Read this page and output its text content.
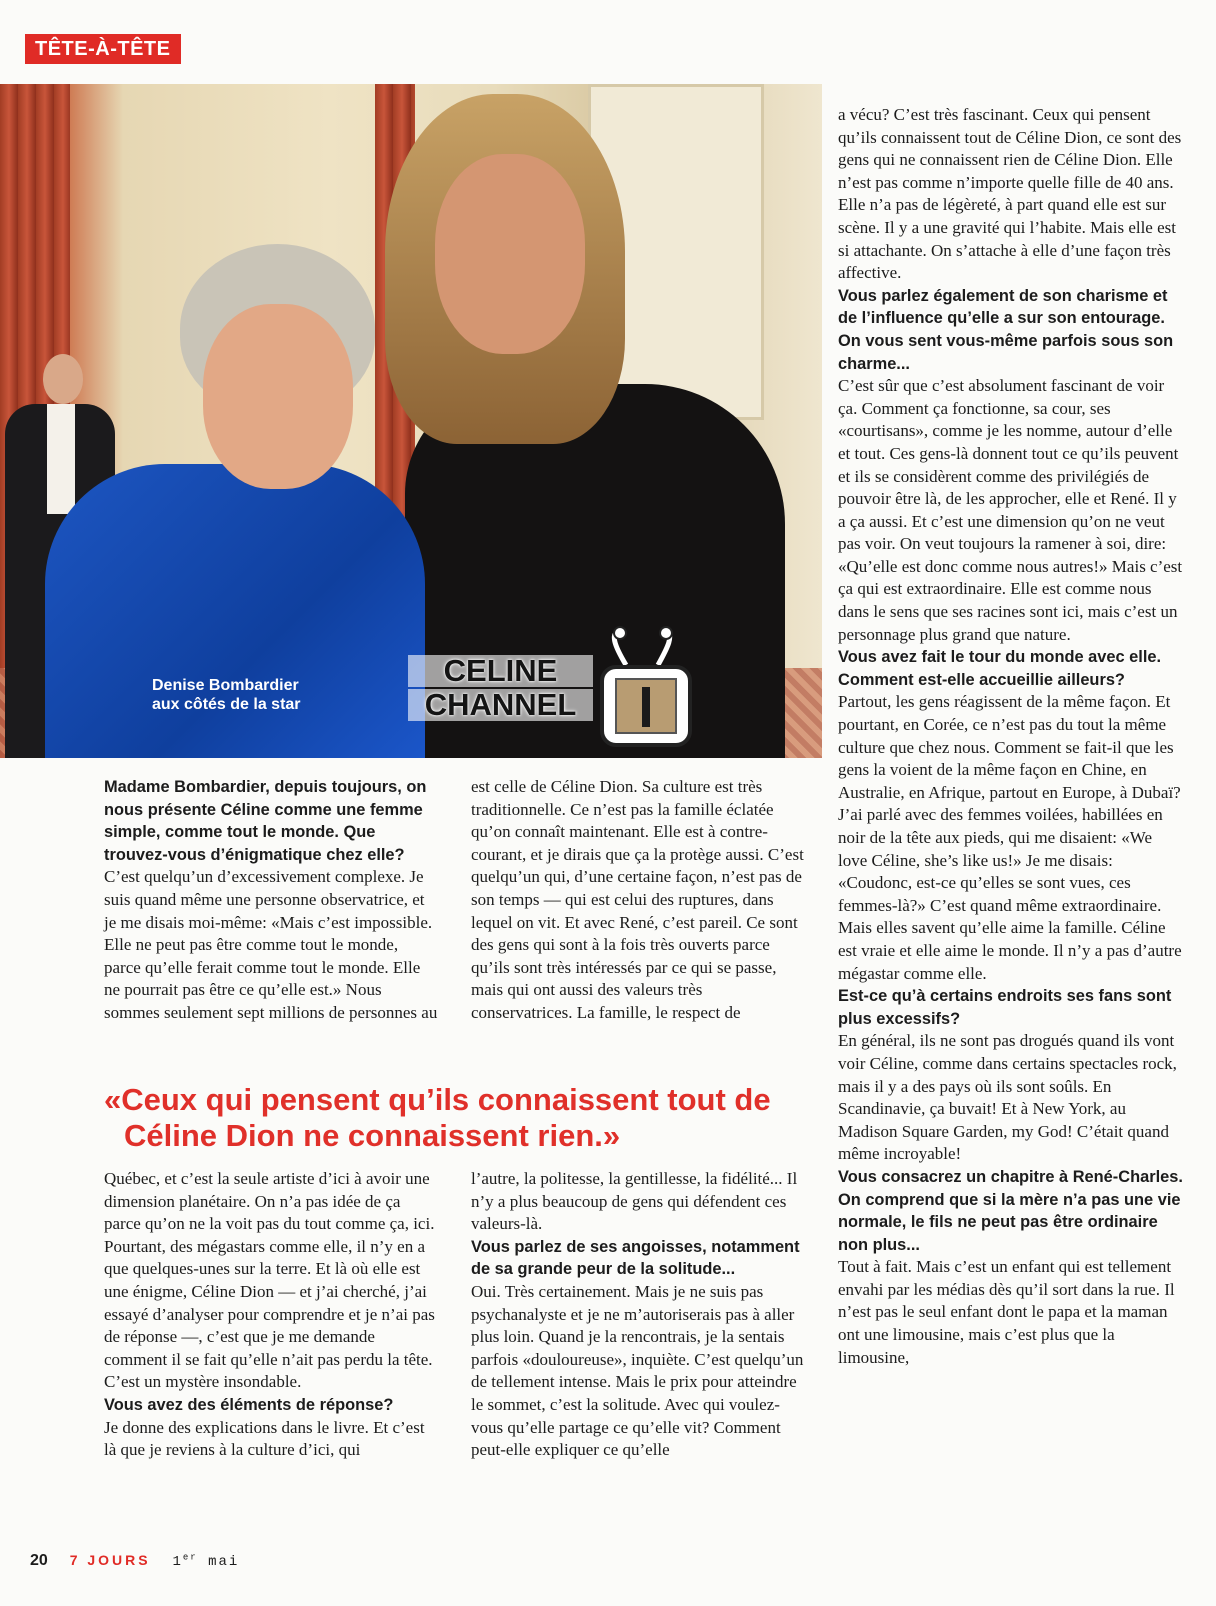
TÊTE-À-TÊTE
Denise Bombardier
aux côtés de la star
CELINE
CHANNEL

Madame Bombardier, depuis toujours, on nous présente Céline comme une femme simple, comme tout le monde. Que trouvez-vous d’énigmatique chez elle?

C’est quelqu’un d’excessivement complexe. Je suis quand même une personne observatrice, et je me disais moi-même: «Mais c’est impossible. Elle ne peut pas être comme tout le monde, parce qu’elle ferait comme tout le monde. Elle ne pourrait pas être ce qu’elle est.» Nous sommes seulement sept millions de personnes au

est celle de Céline Dion. Sa culture est très traditionnelle. Ce n’est pas la famille éclatée qu’on connaît maintenant. Elle est à contre-courant, et je dirais que ça la protège aussi. C’est quelqu’un qui, d’une certaine façon, n’est pas de son temps — qui est celui des ruptures, dans lequel on vit. Et avec René, c’est pareil. Ce sont des gens qui sont à la fois très ouverts parce qu’ils sont très intéressés par ce qui se passe, mais qui ont aussi des valeurs très conservatrices. La famille, le respect de

«Ceux qui pensent qu’ils connaissent tout de
Céline Dion ne connaissent rien.»

Québec, et c’est la seule artiste d’ici à avoir une dimension planétaire. On n’a pas idée de ça parce qu’on ne la voit pas du tout comme ça, ici. Pourtant, des mégastars comme elle, il n’y en a que quelques-unes sur la terre. Et là où elle est une énigme, Céline Dion — et j’ai cherché, j’ai essayé d’analyser pour comprendre et je n’ai pas de réponse —, c’est que je me demande comment il se fait qu’elle n’ait pas perdu la tête. C’est un mystère insondable.

Vous avez des éléments de réponse?

Je donne des explications dans le livre. Et c’est là que je reviens à la culture d’ici, qui

l’autre, la politesse, la gentillesse, la fidélité... Il n’y a plus beaucoup de gens qui défendent ces valeurs-là.

Vous parlez de ses angoisses, notamment de sa grande peur de la solitude...

Oui. Très certainement. Mais je ne suis pas psychanalyste et je ne m’autoriserais pas à aller plus loin. Quand je la rencontrais, je la sentais parfois «douloureuse», inquiète. C’est quelqu’un de tellement intense. Mais le prix pour atteindre le sommet, c’est la solitude. Avec qui voulez-vous qu’elle partage ce qu’elle vit? Comment peut-elle expliquer ce qu’elle

a vécu? C’est très fascinant. Ceux qui pensent qu’ils connaissent tout de Céline Dion, ce sont des gens qui ne connaissent rien de Céline Dion. Elle n’est pas comme n’importe quelle fille de 40 ans. Elle n’a pas de légèreté, à part quand elle est sur scène. Il y a une gravité qui l’habite. Mais elle est si attachante. On s’attache à elle d’une façon très affective.

Vous parlez également de son charisme et de l’influence qu’elle a sur son entourage. On vous sent vous-même parfois sous son charme...

C’est sûr que c’est absolument fascinant de voir ça. Comment ça fonctionne, sa cour, ses «courtisans», comme je les nomme, autour d’elle et tout. Ces gens-là donnent tout ce qu’ils peuvent et ils se considèrent comme des privilégiés de pouvoir être là, de les approcher, elle et René. Il y a ça aussi. Et c’est une dimension qu’on ne veut pas voir. On veut toujours la ramener à soi, dire: «Qu’elle est donc comme nous autres!» Mais c’est ça qui est extraordinaire. Elle est comme nous dans le sens que ses racines sont ici, mais c’est un personnage plus grand que nature.

Vous avez fait le tour du monde avec elle. Comment est-elle accueillie ailleurs?

Partout, les gens réagissent de la même façon. Et pourtant, en Corée, ce n’est pas du tout la même culture que chez nous. Comment se fait-il que les gens la voient de la même façon en Chine, en Australie, en Afrique, partout en Europe, à Dubaï? J’ai parlé avec des femmes voilées, habillées en noir de la tête aux pieds, qui me disaient: «We love Céline, she’s like us!» Je me disais: «Coudonc, est-ce qu’elles se sont vues, ces femmes-là?» C’est quand même extraordinaire. Mais elles savent qu’elle aime la famille. Céline est vraie et elle aime le monde. Il n’y a pas d’autre mégastar comme elle.

Est-ce qu’à certains endroits ses fans sont plus excessifs?

En général, ils ne sont pas drogués quand ils vont voir Céline, comme dans certains spectacles rock, mais il y a des pays où ils sont soûls. En Scandinavie, ça buvait! Et à New York, au Madison Square Garden, my God! C’était quand même incroyable!

Vous consacrez un chapitre à René-Charles. On comprend que si la mère n’a pas une vie normale, le fils ne peut pas être ordinaire non plus...

Tout à fait. Mais c’est un enfant qui est tellement envahi par les médias dès qu’il sort dans la rue. Il n’est pas le seul enfant dont le papa et la maman ont une limousine, mais c’est plus que la limousine,

20 7 JOURS 1er mai
